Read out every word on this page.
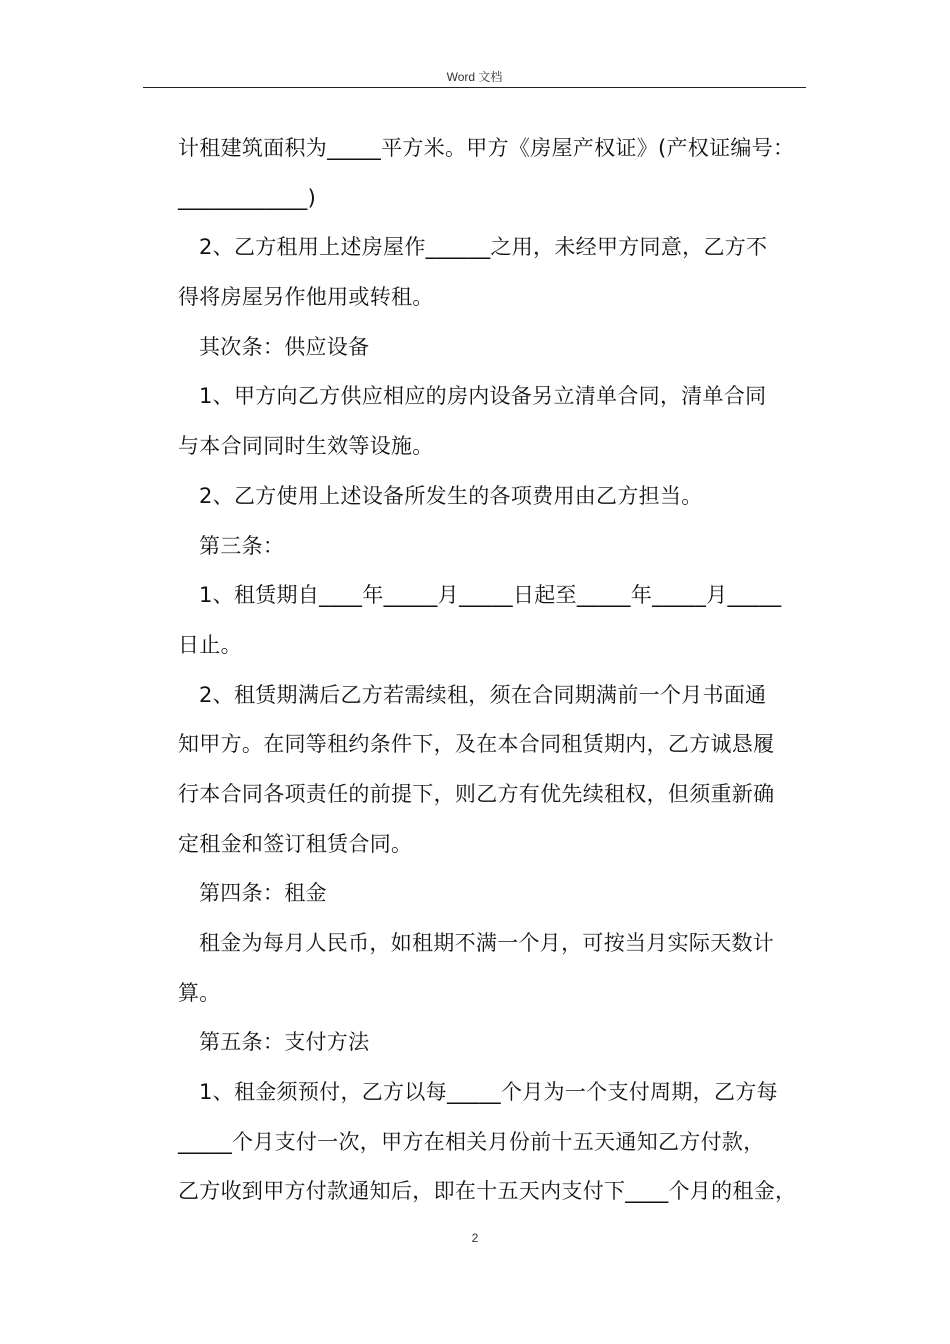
Word 文档
计租建筑面积为_____平方米。甲方《房屋产权证》(产权证编号：
____________)
2、乙方租用上述房屋作______之用，未经甲方同意，乙方不
得将房屋另作他用或转租。
其次条：供应设备
1、甲方向乙方供应相应的房内设备另立清单合同，清单合同
与本合同同时生效等设施。
2、乙方使用上述设备所发生的各项费用由乙方担当。
第三条：
1、租赁期自____年_____月_____日起至_____年_____月_____
日止。
2、租赁期满后乙方若需续租，须在合同期满前一个月书面通
知甲方。在同等租约条件下，及在本合同租赁期内，乙方诚恳履
行本合同各项责任的前提下，则乙方有优先续租权，但须重新确
定租金和签订租赁合同。
第四条：租金
租金为每月人民币，如租期不满一个月，可按当月实际天数计
算。
第五条：支付方法
1、租金须预付，乙方以每_____个月为一个支付周期，乙方每
_____个月支付一次，甲方在相关月份前十五天通知乙方付款，
乙方收到甲方付款通知后，即在十五天内支付下____个月的租金，
2
